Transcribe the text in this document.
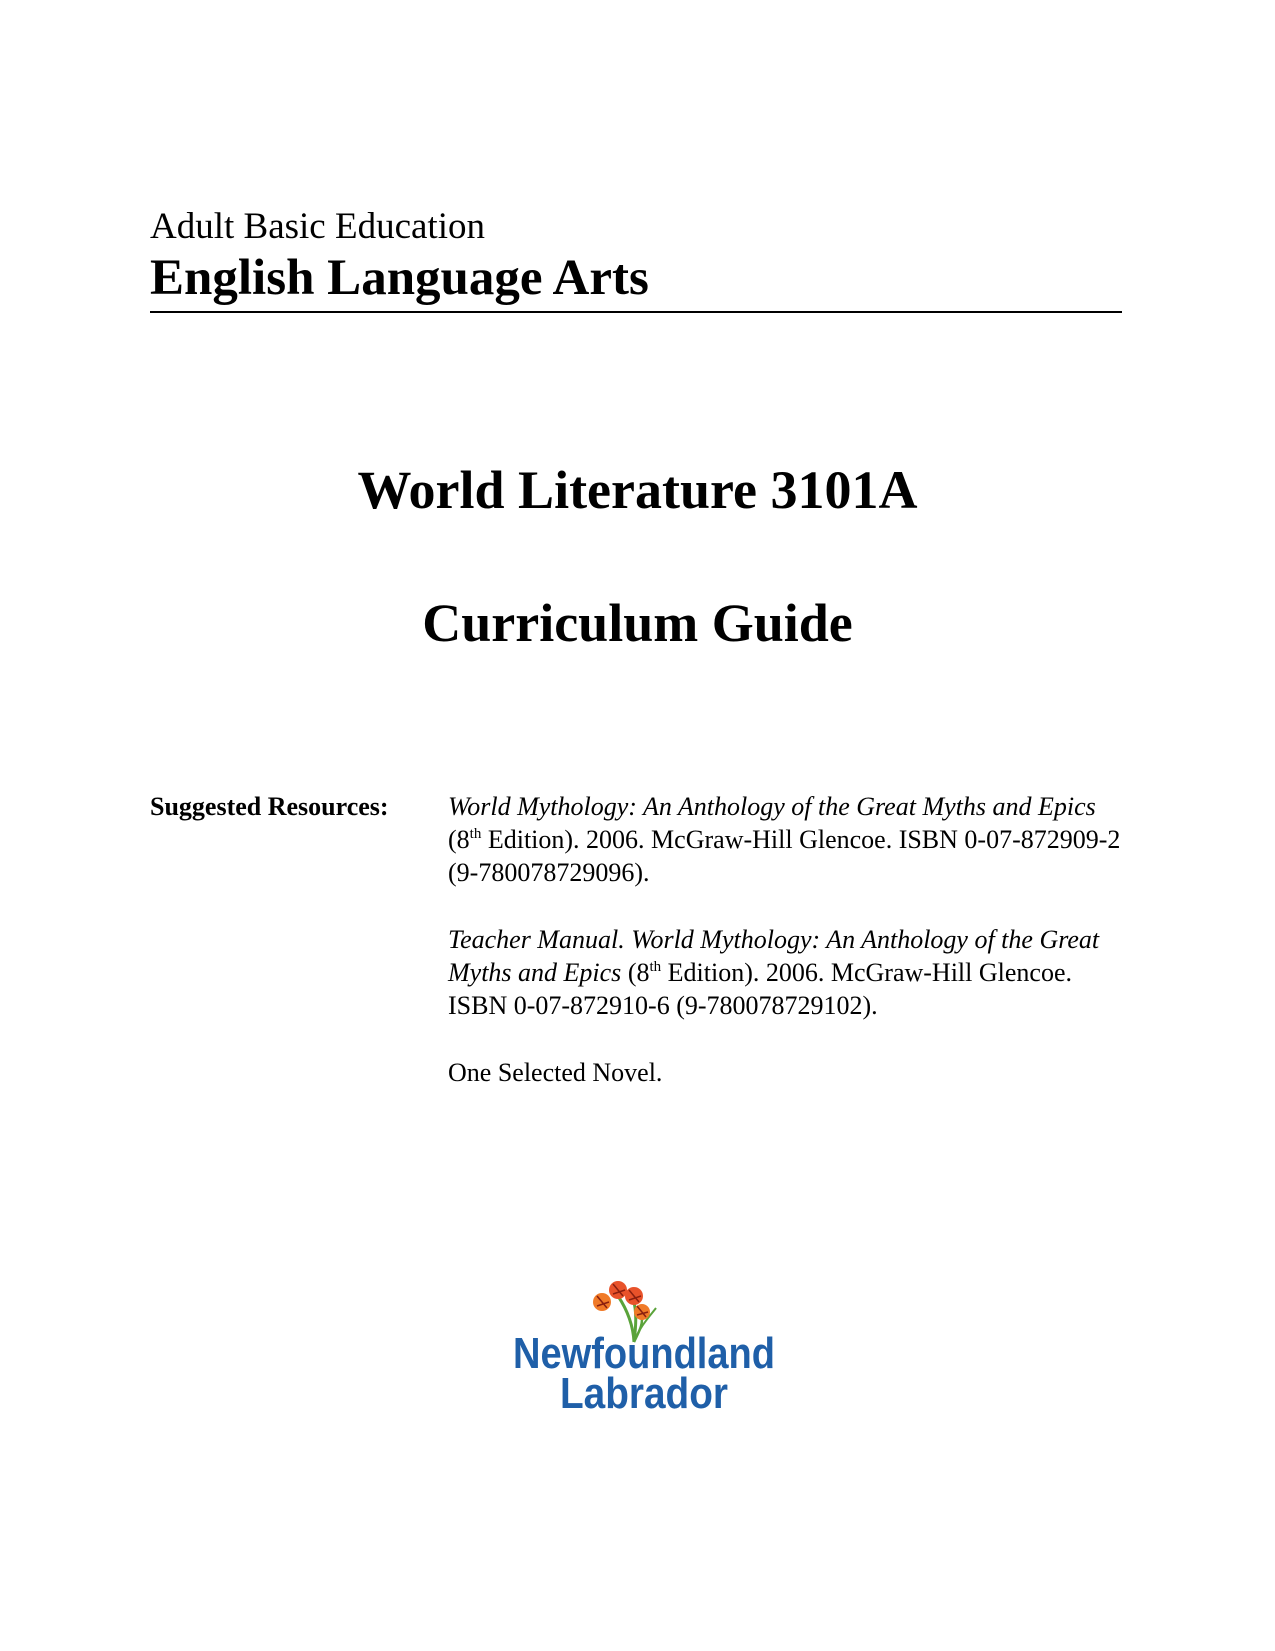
Adult Basic Education
English Language Arts
World Literature 3101A
Curriculum Guide
Suggested Resources: World Mythology: An Anthology of the Great Myths and Epics (8th Edition). 2006. McGraw-Hill Glencoe. ISBN 0-07-872909-2 (9-780078729096).

Teacher Manual. World Mythology: An Anthology of the Great Myths and Epics (8th Edition). 2006. McGraw-Hill Glencoe. ISBN 0-07-872910-6 (9-780078729102).

One Selected Novel.

Newfoundland
Labrador
